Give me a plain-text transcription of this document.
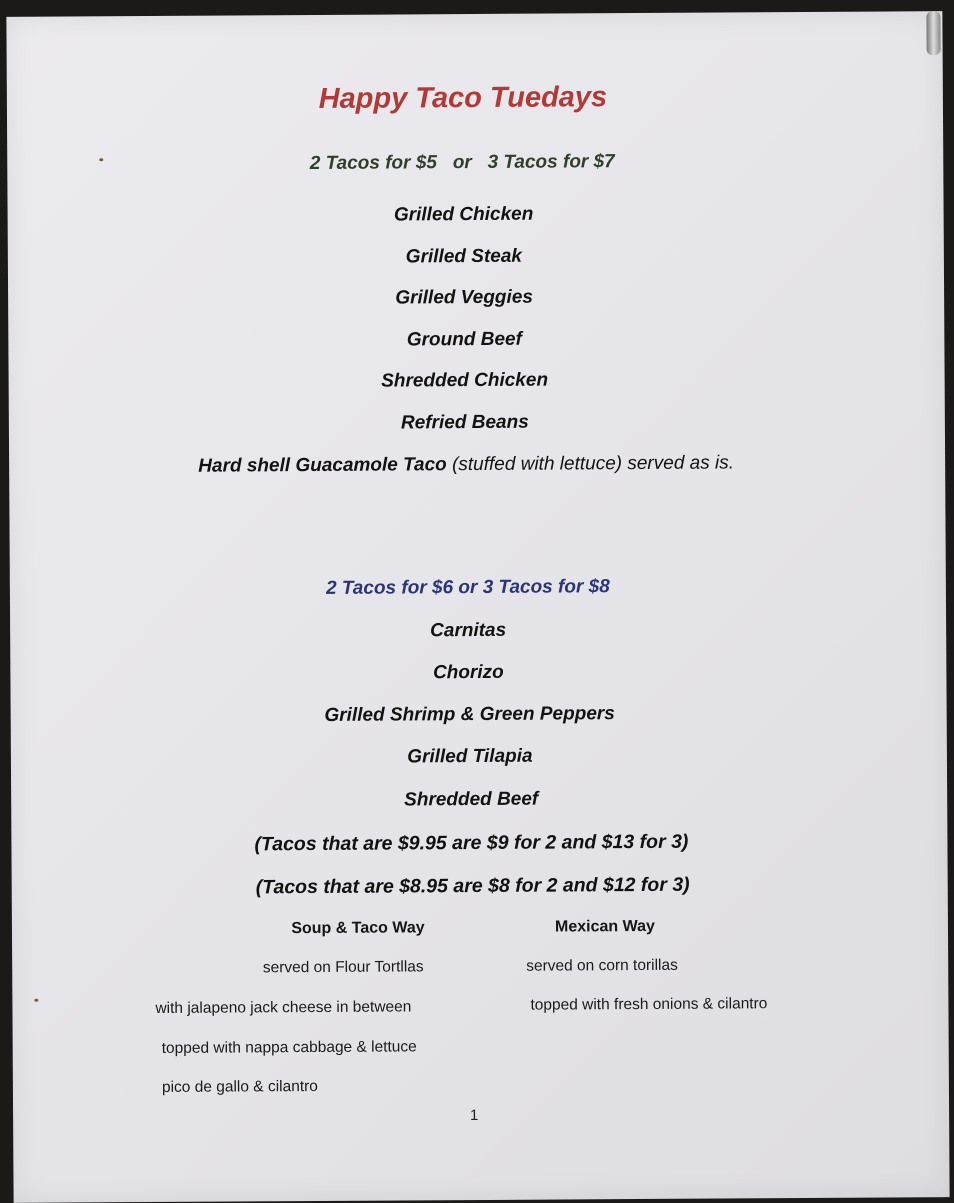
Happy Taco Tuedays
2 Tacos for $5 or 3 Tacos for $7
Grilled Chicken
Grilled Steak
Grilled Veggies
Ground Beef
Shredded Chicken
Refried Beans
Hard shell Guacamole Taco (stuffed with lettuce) served as is.
2 Tacos for $6 or 3 Tacos for $8
Carnitas
Chorizo
Grilled Shrimp & Green Peppers
Grilled Tilapia
Shredded Beef
(Tacos that are $9.95 are $9 for 2 and $13 for 3)
(Tacos that are $8.95 are $8 for 2 and $12 for 3)
Soup & Taco Way
served on Flour Tortllas
with jalapeno jack cheese in between
topped with nappa cabbage & lettuce
pico de gallo & cilantro
Mexican Way
served on corn torillas
topped with fresh onions & cilantro
1
